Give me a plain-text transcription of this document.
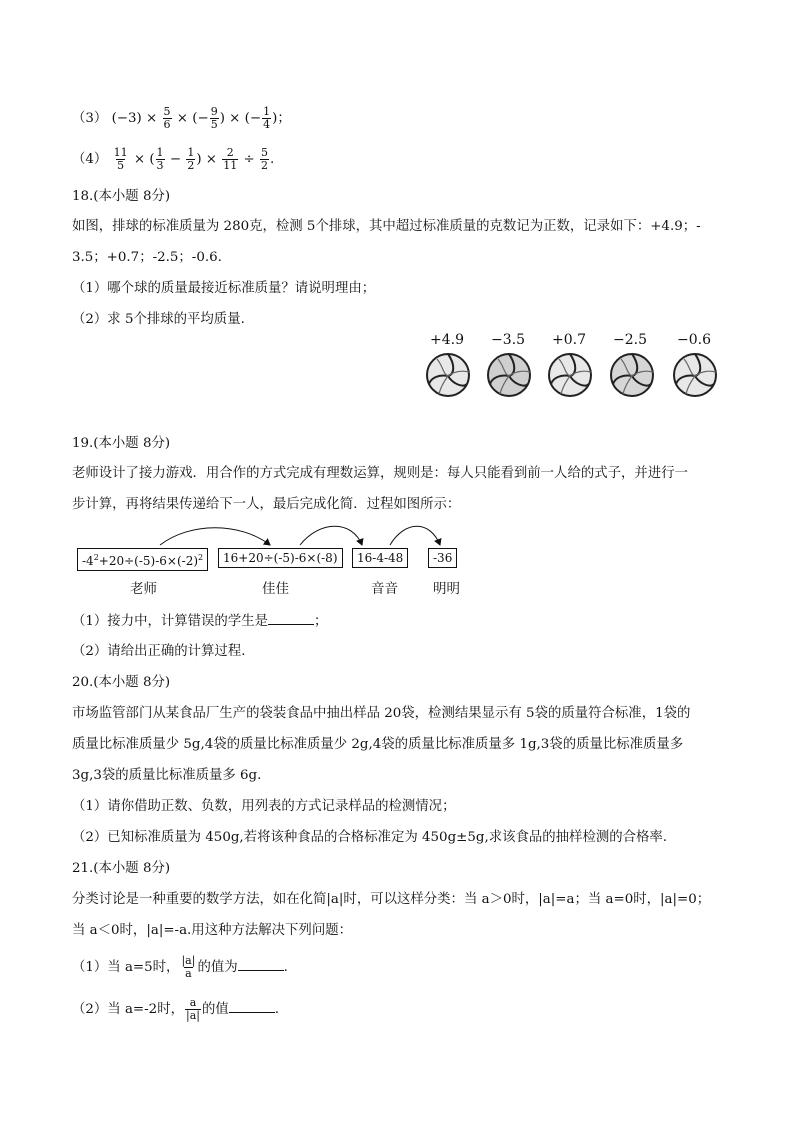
（3） $(-3) \times \frac{5}{6}$ × (− $\frac{9}{5}$ ) × (− $\frac{1}{4}$ )；
$(4) \frac{11}{5}$ × ( $\frac{1}{3} - \frac{1}{2}$ ) × $\frac{2}{11} \div \frac{5}{2}$ .
18.(本小题 8分)
如图，排球的标准质量为 280克，检测 5个排球，其中超过标准质量的克数记为正数，记录如下：+4.9；-
3.5；+0.7；-2.5；-0.6.
（1）哪个球的质量最接近标准质量？请说明理由；
（2）求 5个排球的平均质量.
+4.9	−3.5	+0.7	−2.5	−0.6
19.(本小题 8分)
老师设计了接力游戏．用合作的方式完成有理数运算，规则是：每人只能看到前一人给的式子，并进行一
步计算，再将结果传递给下一人，最后完成化简．过程如图所示：
$-4^2+20\div(-5)-6\times(-2)^2$	16+20÷(-5)-6×(-8)	16-4-48	-36
老师	佳佳	音音	明明
（1）接力中，计算错误的学生是	；
（2）请给出正确的计算过程．
20.(本小题 8分)
市场监管部门从某食品厂生产的袋装食品中抽出样品 20袋，检测结果显示有 5袋的质量符合标准，1袋的
质量比标准质量少 5g,4袋的质量比标准质量少 2g,4袋的质量比标准质量多 1g,3袋的质量比标准质量多
3g,3袋的质量比标准质量多 6g.
（1）请你借助正数、负数，用列表的方式记录样品的检测情况；
（2）已知标准质量为 450g,若将该种食品的合格标准定为 450g±5g,求该食品的抽样检测的合格率.
21.(本小题 8分)
分类讨论是一种重要的数学方法，如在化简|a|时，可以这样分类：当 a＞0时，|a|=a；当 a=0时，|a|=0；
当 a＜0时，|a|=-a.用这种方法解决下列问题：
（1）当 a=5时， $\frac{|a|}{a}$ 的值为	.
（2）当 a=-2时， $\frac{a}{|a|}$ 的值	.
